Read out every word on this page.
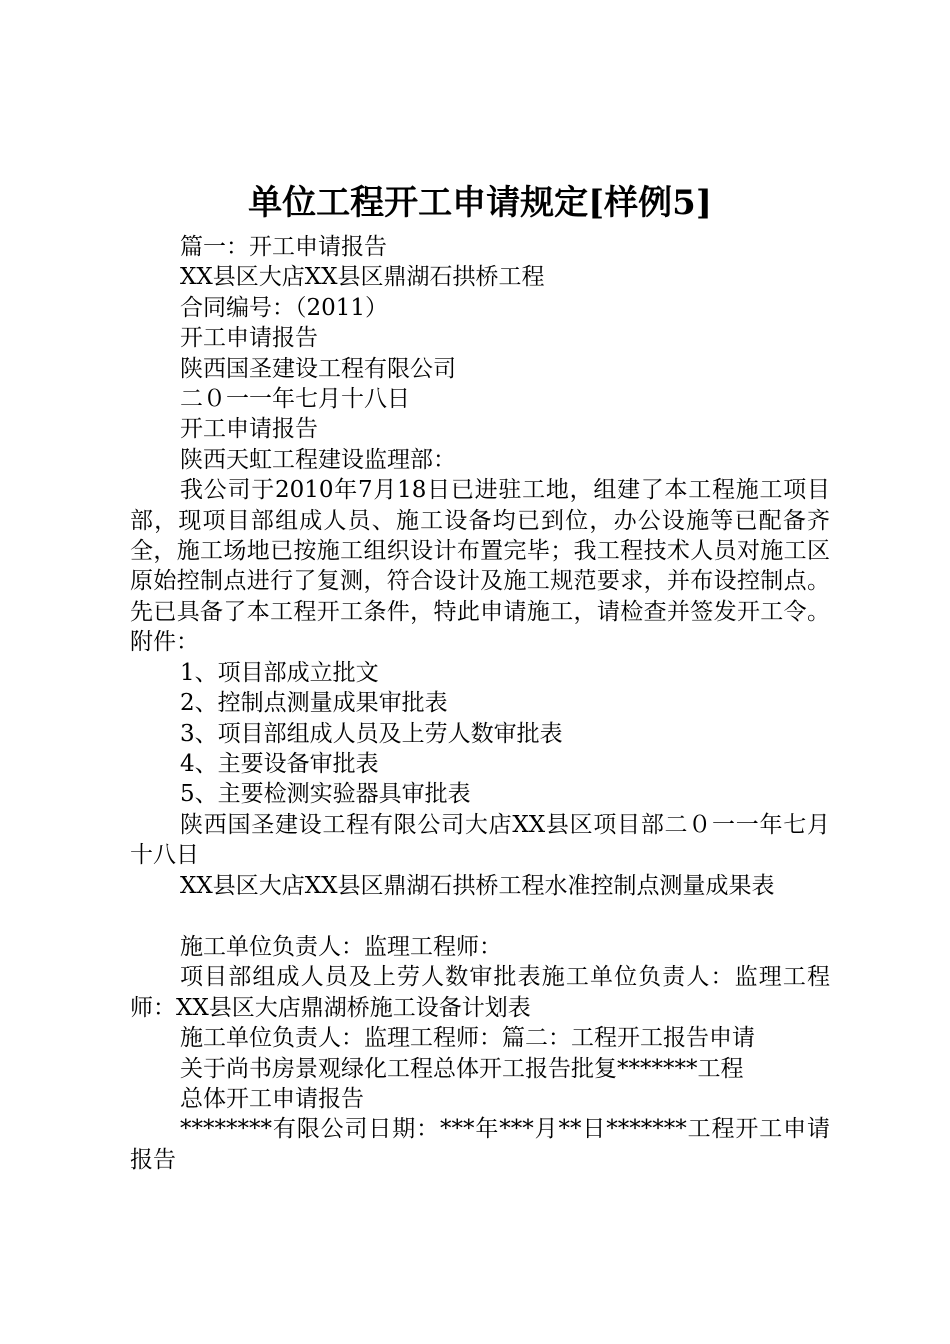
单位工程开工申请规定[样例5]
篇一：开工申请报告
XX县区大店XX县区鼎湖石拱桥工程
合同编号：（2011）
开工申请报告
陕西国圣建设工程有限公司
二０一一年七月十八日
开工申请报告
陕西天虹工程建设监理部：
我公司于2010年7月18日已进驻工地，组建了本工程施工项目部，现项目部组成人员、施工设备均已到位，办公设施等已配备齐全，施工场地已按施工组织设计布置完毕；我工程技术人员对施工区原始控制点进行了复测，符合设计及施工规范要求，并布设控制点。先已具备了本工程开工条件，特此申请施工，请检查并签发开工令。附件：
1、项目部成立批文
2、控制点测量成果审批表
3、项目部组成人员及上劳人数审批表
4、主要设备审批表
5、主要检测实验器具审批表
陕西国圣建设工程有限公司大店XX县区项目部二０一一年七月十八日
XX县区大店XX县区鼎湖石拱桥工程水准控制点测量成果表
施工单位负责人：监理工程师：
项目部组成人员及上劳人数审批表施工单位负责人：监理工程师：XX县区大店鼎湖桥施工设备计划表
施工单位负责人：监理工程师：篇二：工程开工报告申请
关于尚书房景观绿化工程总体开工报告批复*******工程
总体开工申请报告
********有限公司日期：***年***月**日*******工程开工申请报告
